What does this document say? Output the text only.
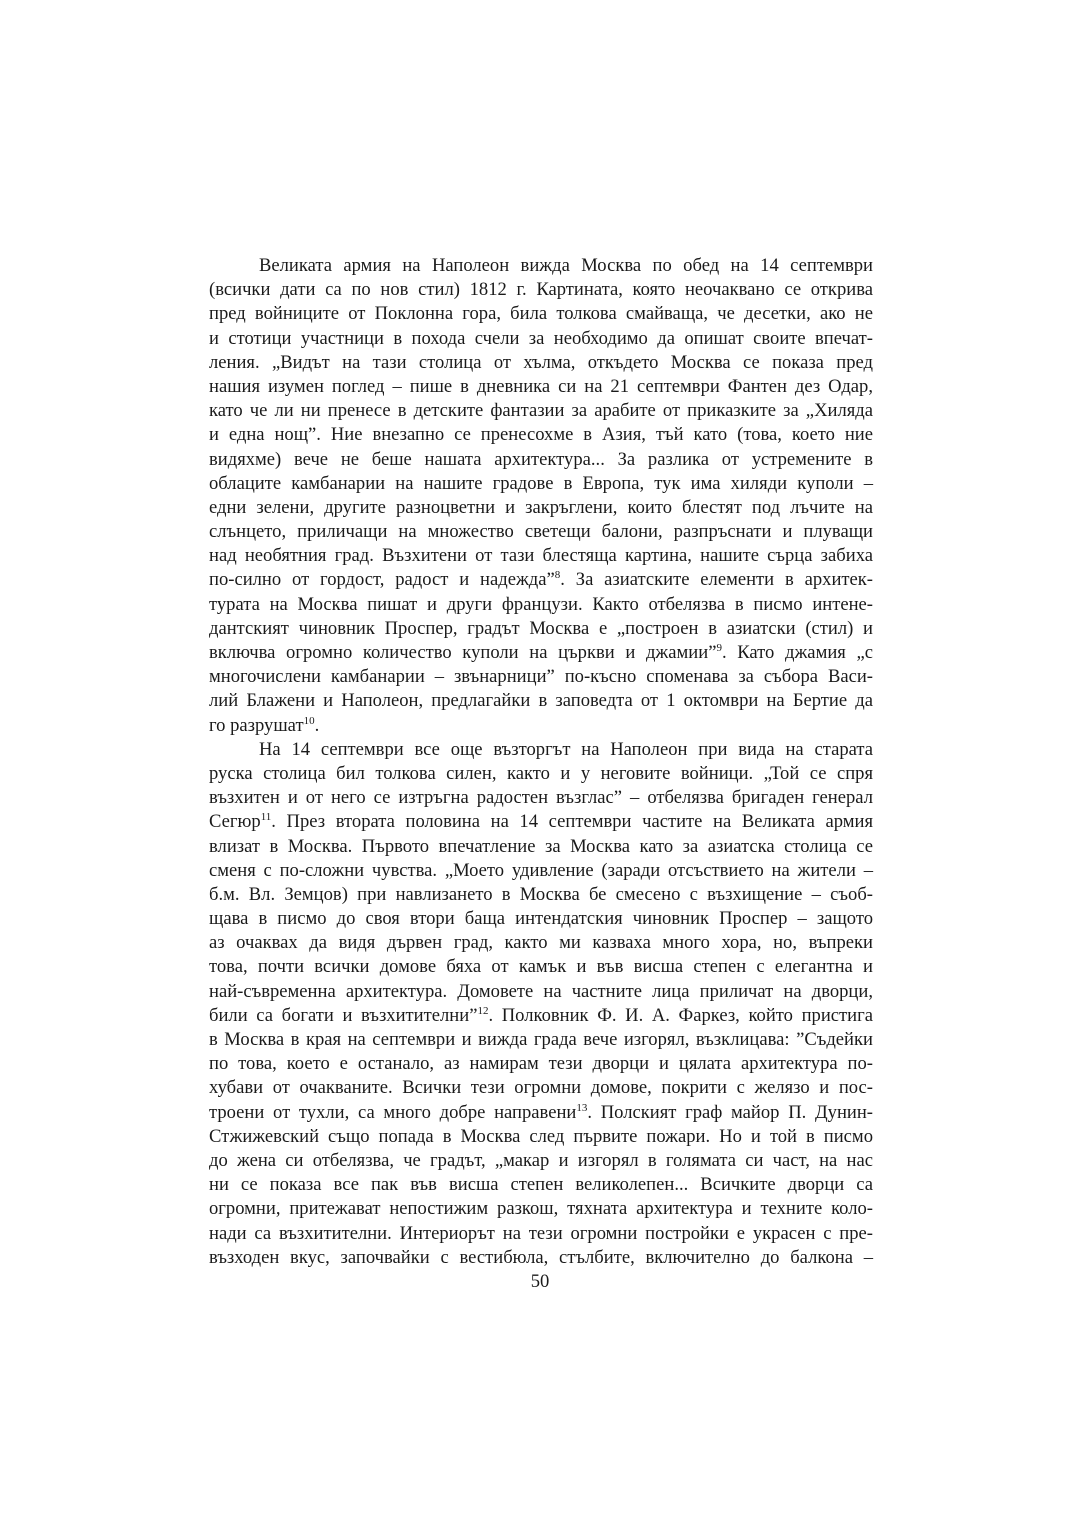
Великата армия на Наполеон вижда Москва по обед на 14 септември
(всички дати са по нов стил) 1812 г. Картината, която неочаквано се открива
пред войниците от Поклонна гора, била толкова смайваща, че десетки, ако не
и стотици участници в похода счели за необходимо да опишат своите впечат-
ления. „Видът на тази столица от хълма, откъдето Москва се показа пред
нашия изумен поглед – пише в дневника си на 21 септември Фантен дез Одар,
като че ли ни пренесе в детските фантазии за арабите от приказките за „Хиляда
и една нощ”. Ние внезапно се пренесохме в Азия, тъй като (това, което ние
видяхме) вече не беше нашата архитектура... За разлика от устремените в
облаците камбанарии на нашите градове в Европа, тук има хиляди куполи –
едни зелени, другите разноцветни и закръглени, които блестят под лъчите на
слънцето, приличащи на множество светещи балони, разпръснати и плуващи
над необятния град. Възхитени от тази блестяща картина, нашите сърца забиха
по-силно от гордост, радост и надежда”$^8$. За азиатските елементи в архитек-
турата на Москва пишат и други французи. Както отбелязва в писмо интене-
дантският чиновник Проспер, градът Москва е „построен в азиатски (стил) и
включва огромно количество куполи на църкви и джамии”$^9$. Като джамия „с
многочислени камбанарии – звънарници” по-късно споменава за събора Васи-
лий Блажени и Наполеон, предлагайки в заповедта от 1 октомври на Бертие да
го разрушат$^{10}$.
На 14 септември все още възторгът на Наполеон при вида на старата
руска столица бил толкова силен, както и у неговите войници. „Той се спря
възхитен и от него се изтръгна радостен възглас” – отбелязва бригаден генерал
Сегюр$^{11}$. През втората половина на 14 септември частите на Великата армия
влизат в Москва. Първото впечатление за Москва като за азиатска столица се
сменя с по-сложни чувства. „Моето удивление (заради отсъствието на жители –
б.м. Вл. Земцов) при навлизането в Москва бе смесено с възхищение – съоб-
щава в писмо до своя втори баща интендатския чиновник Проспер – защото
аз очаквах да видя дървен град, както ми казваха много хора, но, въпреки
това, почти всички домове бяха от камък и във висша степен с елегантна и
най-съвременна архитектура. Домовете на частните лица приличат на дворци,
били са богати и възхитителни”$^{12}$. Полковник Ф. И. А. Фаркез, който пристига
в Москва в края на септември и вижда града вече изгорял, възклицава: ”Съдейки
по това, което е останало, аз намирам тези дворци и цялата архитектура по-
хубави от очакваните. Всички тези огромни домове, покрити с желязо и пос-
троени от тухли, са много добре направени$^{13}$. Полският граф майор П. Дунин-
Стжижевский също попада в Москва след първите пожари. Но и той в писмо
до жена си отбелязва, че градът, „макар и изгорял в голямата си част, на нас
ни се показа все пак във висша степен великолепен... Всичките дворци са
огромни, притежават непостижим разкош, тяхната архитектура и техните коло-
нади са възхитителни. Интериорът на тези огромни постройки е украсен с пре-
възходен вкус, започвайки с вестибюла, стълбите, включително до балкона –
50
